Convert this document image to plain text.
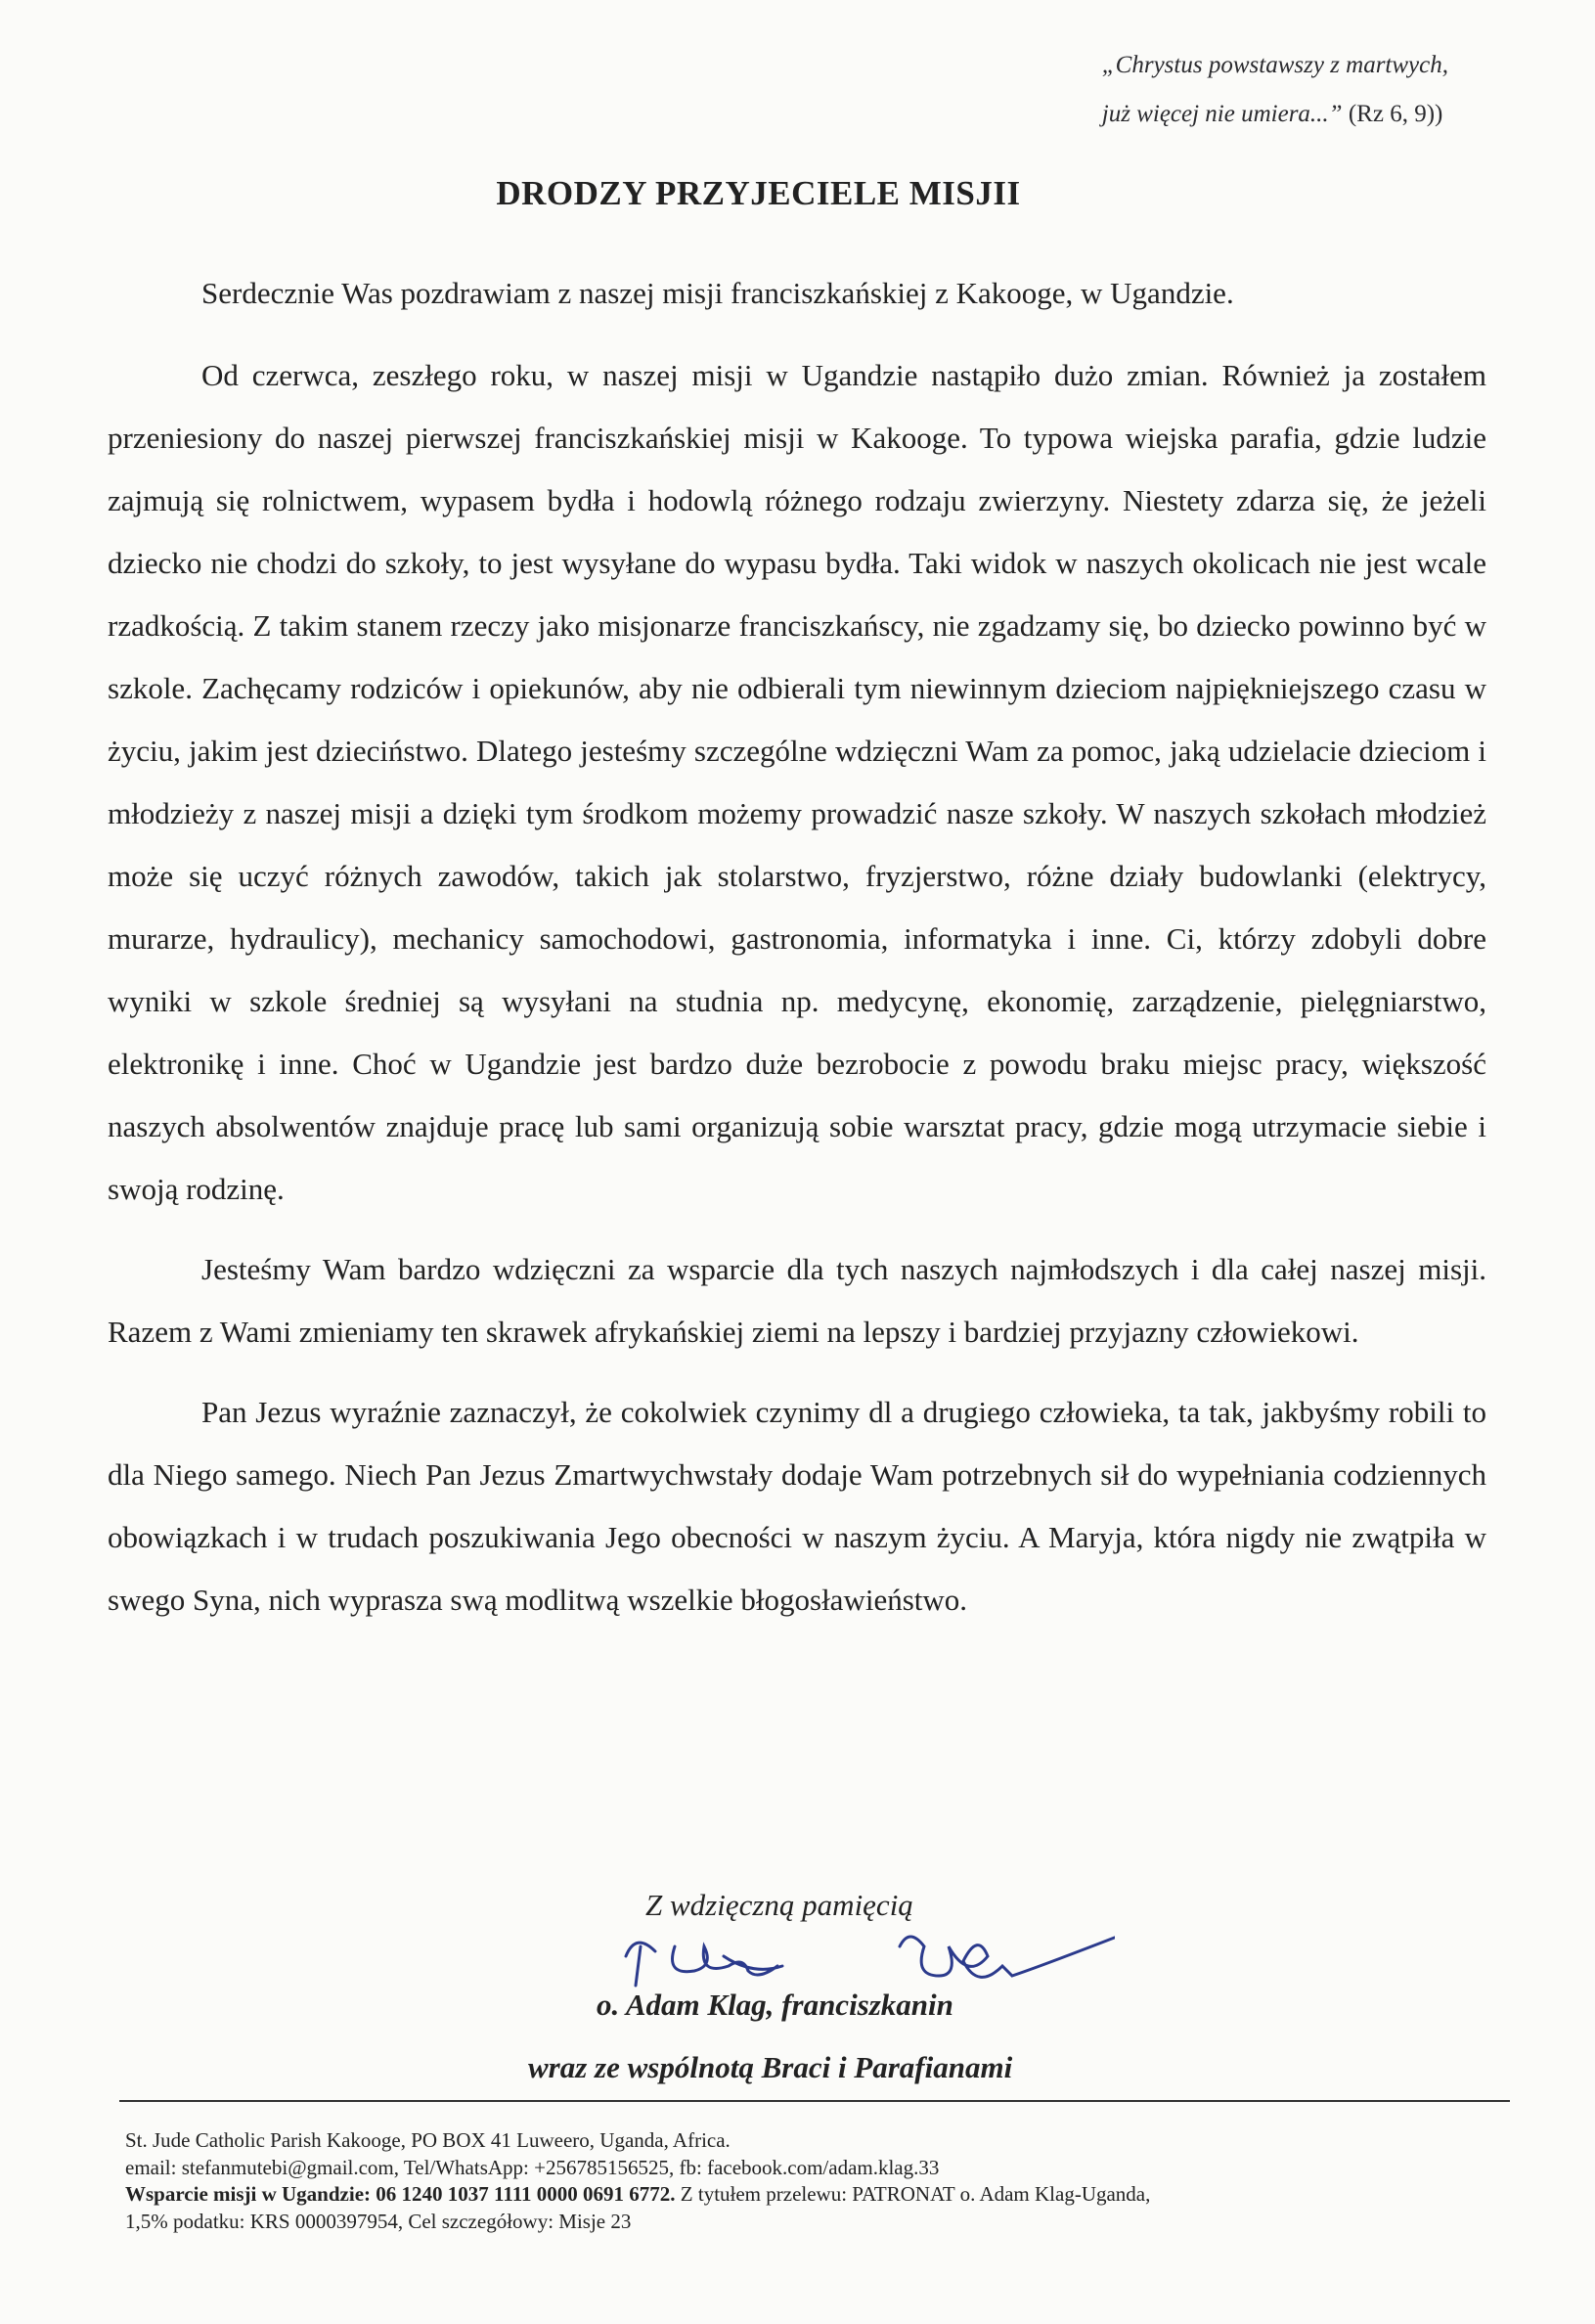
„Chrystus powstawszy z martwych,
już więcej nie umiera...” (Rz 6, 9))
DRODZY PRZYJECIELE MISJII

Serdecznie Was pozdrawiam z naszej misji franciszkańskiej z Kakooge, w Ugandzie.

Od czerwca, zeszłego roku, w naszej misji w Ugandzie nastąpiło dużo zmian. Również ja zostałem przeniesiony do naszej pierwszej franciszkańskiej misji w Kakooge. To typowa wiejska parafia, gdzie ludzie zajmują się rolnictwem, wypasem bydła i hodowlą różnego rodzaju zwierzyny. Niestety zdarza się, że jeżeli dziecko nie chodzi do szkoły, to jest wysyłane do wypasu bydła. Taki widok w naszych okolicach nie jest wcale rzadkością. Z takim stanem rzeczy jako misjonarze franciszkańscy, nie zgadzamy się, bo dziecko powinno być w szkole. Zachęcamy rodziców i opiekunów, aby nie odbierali tym niewinnym dzieciom najpiękniejszego czasu w życiu, jakim jest dzieciństwo. Dlatego jesteśmy szczególne wdzięczni Wam za pomoc, jaką udzielacie dzieciom i młodzieży z naszej misji a dzięki tym środkom możemy prowadzić nasze szkoły. W naszych szkołach młodzież może się uczyć różnych zawodów, takich jak stolarstwo, fryzjerstwo, różne działy budowlanki (elektrycy, murarze, hydraulicy), mechanicy samochodowi, gastronomia, informatyka i inne. Ci, którzy zdobyli dobre wyniki w szkole średniej są wysyłani na studnia np. medycynę, ekonomię, zarządzenie, pielęgniarstwo, elektronikę i inne. Choć w Ugandzie jest bardzo duże bezrobocie z powodu braku miejsc pracy, większość naszych absolwentów znajduje pracę lub sami organizują sobie warsztat pracy, gdzie mogą utrzymacie siebie i swoją rodzinę.

Jesteśmy Wam bardzo wdzięczni za wsparcie dla tych naszych najmłodszych i dla całej naszej misji. Razem z Wami zmieniamy ten skrawek afrykańskiej ziemi na lepszy i bardziej przyjazny człowiekowi.

Pan Jezus wyraźnie zaznaczył, że cokolwiek czynimy dl a drugiego człowieka, ta tak, jakbyśmy robili to dla Niego samego. Niech Pan Jezus Zmartwychwstały dodaje Wam potrzebnych sił do wypełniania codziennych obowiązkach i w trudach poszukiwania Jego obecności w naszym życiu. A Maryja, która nigdy nie zwątpiła w swego Syna, nich wyprasza swą modlitwą wszelkie błogosławieństwo.

Z wdzięczną pamięcią
o. Adam Klag, franciszkanin
wraz ze wspólnotą Braci i Parafianami

St. Jude Catholic Parish Kakooge, PO BOX 41 Luweero, Uganda, Africa.

email: stefanmutebi@gmail.com, Tel/WhatsApp: +256785156525, fb: facebook.com/adam.klag.33

Wsparcie misji w Ugandzie: 06 1240 1037 1111 0000 0691 6772. Z tytułem przelewu: PATRONAT o. Adam Klag-Uganda,

1,5% podatku: KRS 0000397954, Cel szczegółowy: Misje 23
